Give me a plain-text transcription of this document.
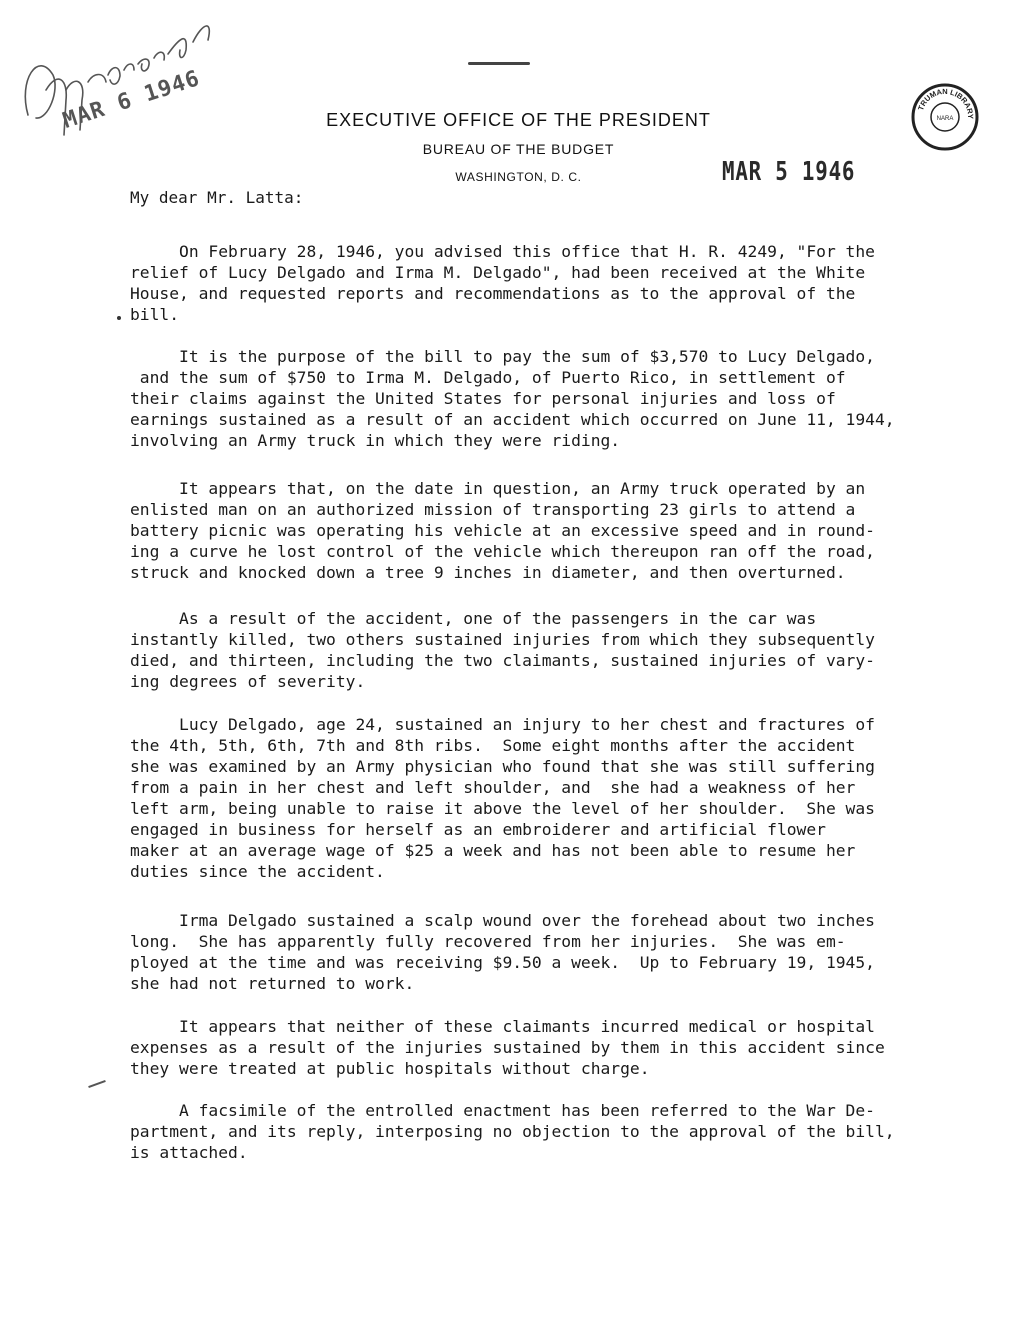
MAR 6 1946	EXECUTIVE OFFICE OF THE PRESIDENT
BUREAU OF THE BUDGET
WASHINGTON, D. C.	MAR 5 1946
TRUMAN LIBRARY
NARA
My dear Mr. Latta:
On February 28, 1946, you advised this office that H. R. 4249, "For the
relief of Lucy Delgado and Irma M. Delgado", had been received at the White
House, and requested reports and recommendations as to the approval of the
bill.
It is the purpose of the bill to pay the sum of $3,570 to Lucy Delgado,
and the sum of $750 to Irma M. Delgado, of Puerto Rico, in settlement of
their claims against the United States for personal injuries and loss of
earnings sustained as a result of an accident which occurred on June 11, 1944,
involving an Army truck in which they were riding.
It appears that, on the date in question, an Army truck operated by an
enlisted man on an authorized mission of transporting 23 girls to attend a
battery picnic was operating his vehicle at an excessive speed and in round-
ing a curve he lost control of the vehicle which thereupon ran off the road,
struck and knocked down a tree 9 inches in diameter, and then overturned.
As a result of the accident, one of the passengers in the car was
instantly killed, two others sustained injuries from which they subsequently
died, and thirteen, including the two claimants, sustained injuries of vary-
ing degrees of severity.
Lucy Delgado, age 24, sustained an injury to her chest and fractures of
the 4th, 5th, 6th, 7th and 8th ribs.  Some eight months after the accident
she was examined by an Army physician who found that she was still suffering
from a pain in her chest and left shoulder, and  she had a weakness of her
left arm, being unable to raise it above the level of her shoulder.  She was
engaged in business for herself as an embroiderer and artificial flower
maker at an average wage of $25 a week and has not been able to resume her
duties since the accident.
Irma Delgado sustained a scalp wound over the forehead about two inches
long.  She has apparently fully recovered from her injuries.  She was em-
ployed at the time and was receiving $9.50 a week.  Up to February 19, 1945,
she had not returned to work.
It appears that neither of these claimants incurred medical or hospital
expenses as a result of the injuries sustained by them in this accident since
they were treated at public hospitals without charge.
A facsimile of the entrolled enactment has been referred to the War De-
partment, and its reply, interposing no objection to the approval of the bill,
is attached.
